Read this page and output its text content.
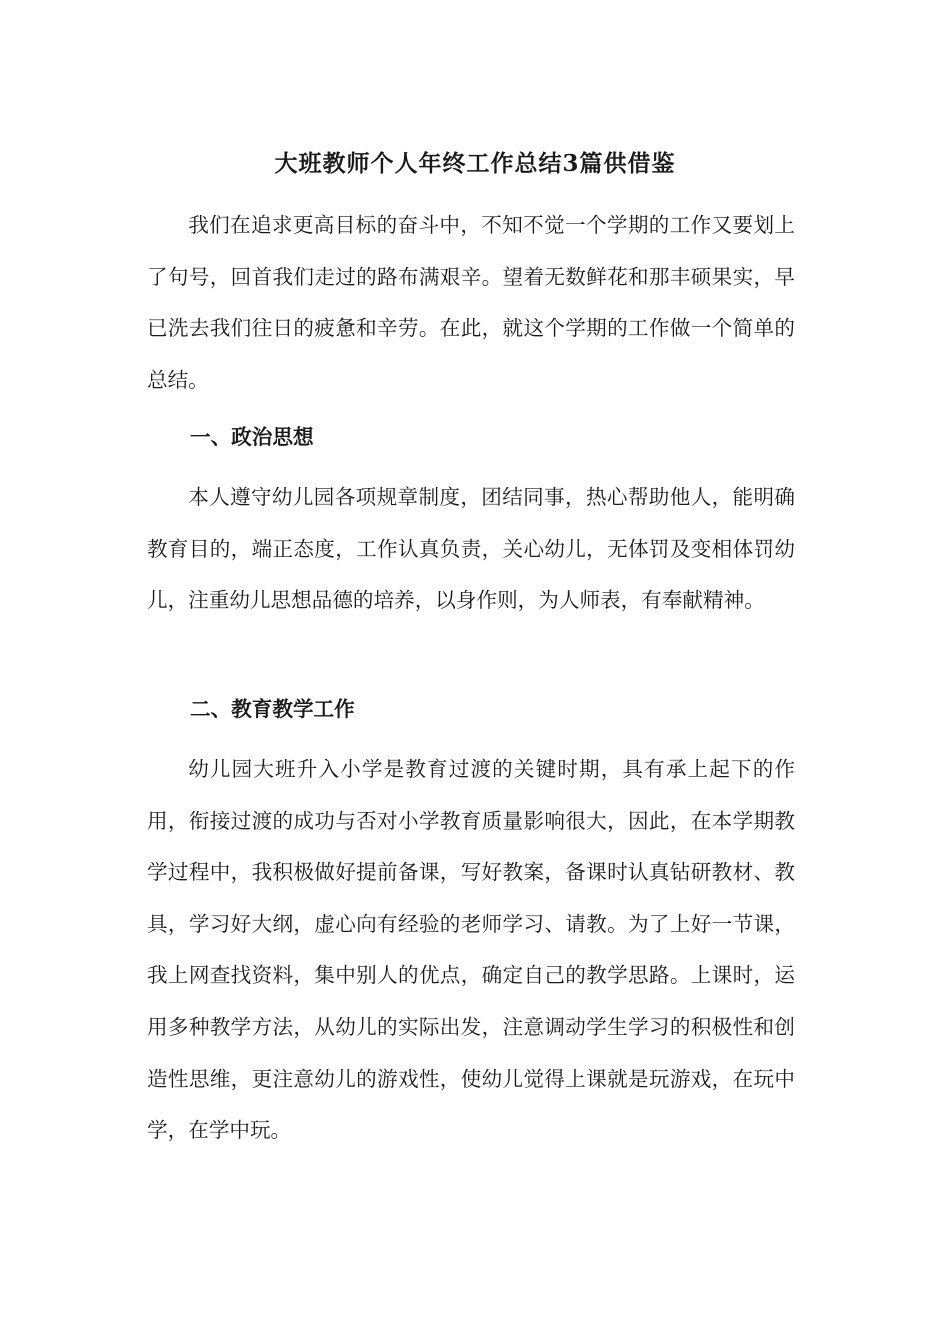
大班教师个人年终工作总结3篇供借鉴

我们在追求更高目标的奋斗中，不知不觉一个学期的工作又要划上了句号，回首我们走过的路布满艰辛。望着无数鲜花和那丰硕果实，早已洗去我们往日的疲惫和辛劳。在此，就这个学期的工作做一个简单的总结。

一、政治思想

本人遵守幼儿园各项规章制度，团结同事，热心帮助他人，能明确教育目的，端正态度，工作认真负责，关心幼儿，无体罚及变相体罚幼儿，注重幼儿思想品德的培养，以身作则，为人师表，有奉献精神。

二、教育教学工作

幼儿园大班升入小学是教育过渡的关键时期，具有承上起下的作用，衔接过渡的成功与否对小学教育质量影响很大，因此，在本学期教学过程中，我积极做好提前备课，写好教案，备课时认真钻研教材、教具，学习好大纲，虚心向有经验的老师学习、请教。为了上好一节课，我上网查找资料，集中别人的优点，确定自己的教学思路。上课时，运用多种教学方法，从幼儿的实际出发，注意调动学生学习的积极性和创造性思维，更注意幼儿的游戏性，使幼儿觉得上课就是玩游戏，在玩中学，在学中玩。
